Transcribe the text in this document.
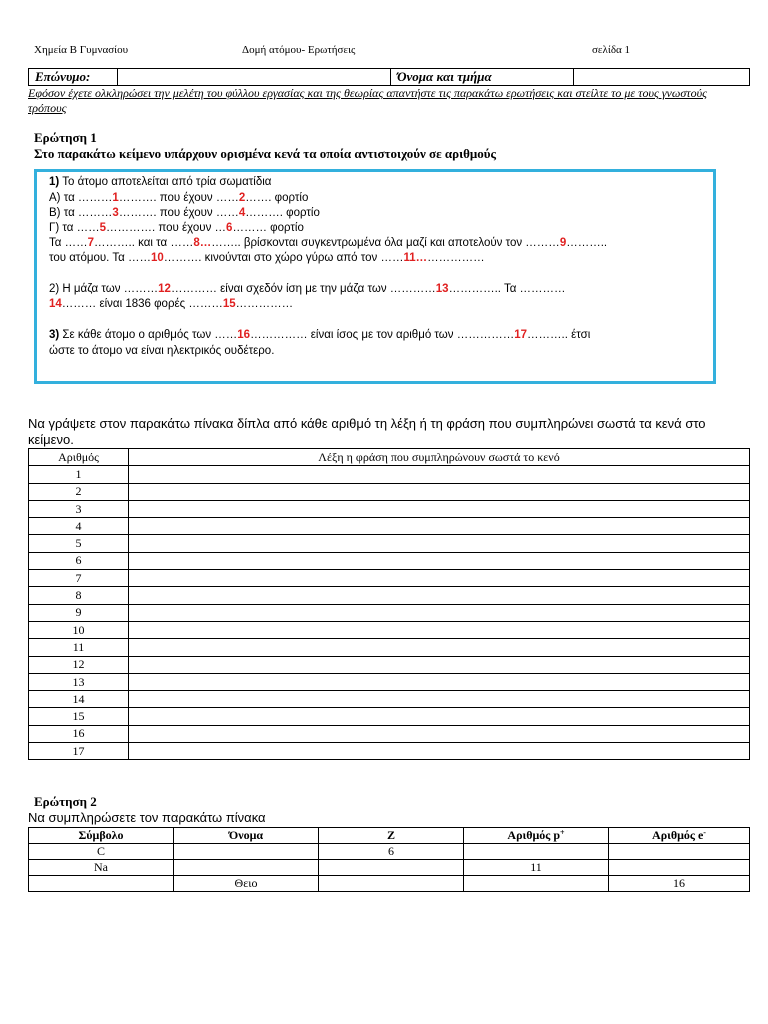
Χημεία Β Γυμνασίου	Δομή ατόμου- Ερωτήσεις	σελίδα 1
Επώνυμο:		Όνομα και τμήμα	
Εφόσον έχετε ολκληρώσει την μελέτη του φύλλου εργασίας και της θεωρίας απαντήστε τις παρακάτω ερωτήσεις και στείλτε το με τους γνωστούς τρόπους
Ερώτηση 1
Στο παρακάτω κείμενο υπάρχουν ορισμένα κενά τα οποία αντιστοιχούν σε αριθμούς
1) Το άτομο αποτελείται από τρία σωματίδια
Α) τα ………1………. που έχουν ……2……. φορτίο
Β) τα ………3………. που έχουν ……4………. φορτίο
Γ) τα ……5…………. που έχουν …6……… φορτίο
Τα ……7……….. και τα ……8……….. βρίσκονται συγκεντρωμένα όλα μαζί και αποτελούν τον ………9………..
του ατόμου. Τα ……10………. κινούνται στο χώρο γύρω από τον ……11………………
2) Η μάζα των ………12………… είναι σχεδόν ίση με την μάζα των …………13………….. Τα …………
14……… είναι 1836 φορές ………15……………
3) Σε κάθε άτομο ο αριθμός των ……16…………… είναι ίσος με τον αριθμό των ……………17……….. έτσι
ώστε το άτομο να είναι ηλεκτρικός ουδέτερο.
Να γράψετε στον παρακάτω πίνακα δίπλα από κάθε αριθμό τη λέξη ή τη φράση που συμπληρώνει σωστά τα κενά στο κείμενο.
Αριθμός	Λέξη η φράση που συμπληρώνουν σωστά το κενό
1	
2	
3	
4	
5	
6	
7	
8	
9	
10	
11	
12	
13	
14	
15	
16	
17	
Ερώτηση 2
Να συμπληρώσετε τον παρακάτω πίνακα
Σύμβολο	Όνομα	Ζ	Αριθμός p+	Αριθμός e-
C		6		
Na			11	
	Θειο			16
